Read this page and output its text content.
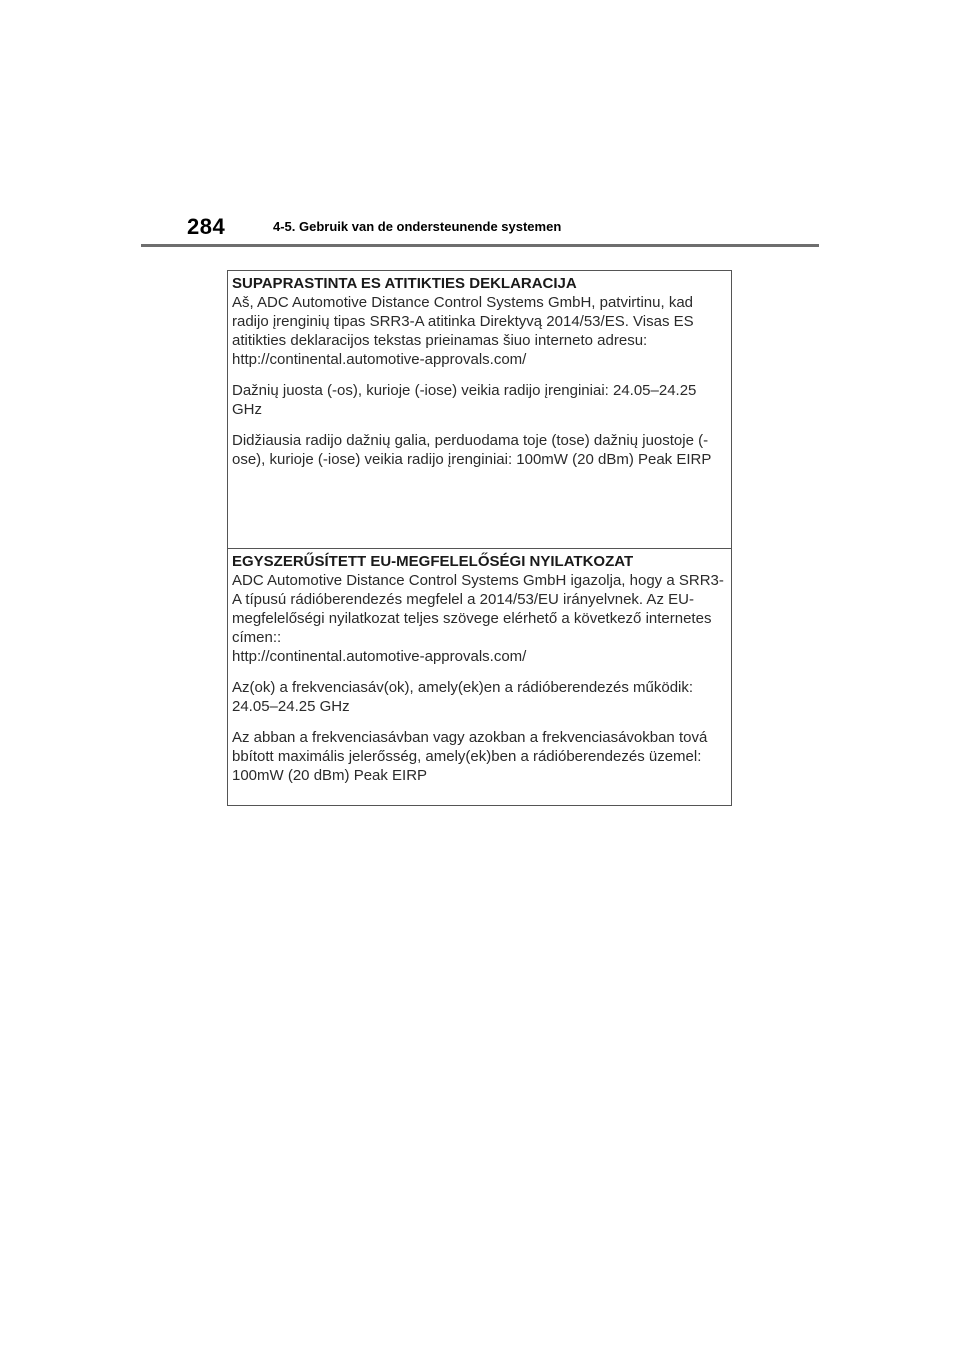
284	4-5. Gebruik van de ondersteunende systemen

SUPAPRASTINTA ES ATITIKTIES DEKLARACIJA

Aš, ADC Automotive Distance Control Systems GmbH, patvirtinu, kad radijo įrenginių tipas SRR3-A atitinka Direktyvą 2014/53/ES. Visas ES atitikties deklaracijos tekstas prieinamas šiuo interneto adresu:

http://continental.automotive-approvals.com/

Dažnių juosta (-os), kurioje (-iose) veikia radijo įrenginiai: 24.05–24.25 GHz

Didžiausia radijo dažnių galia, perduodama toje (tose) dažnių juostoje (-ose), kurioje (-iose) veikia radijo įrenginiai: 100mW (20 dBm) Peak EIRP

EGYSZERŰSÍTETT EU-MEGFELELŐSÉGI NYILATKOZAT

ADC Automotive Distance Control Systems GmbH igazolja, hogy a SRR3-A típusú rádióberendezés megfelel a 2014/53/EU irányelvnek. Az EU-megfelelőségi nyilatkozat teljes szövege elérhető a következő internetes címen::

http://continental.automotive-approvals.com/

Az(ok) a frekvenciasáv(ok), amely(ek)en a rádióberendezés működik: 24.05–24.25 GHz

Az abban a frekvenciasávban vagy azokban a frekvenciasávokban tová bbított maximális jelerősség, amely(ek)ben a rádióberendezés üzemel: 100mW (20 dBm) Peak EIRP
